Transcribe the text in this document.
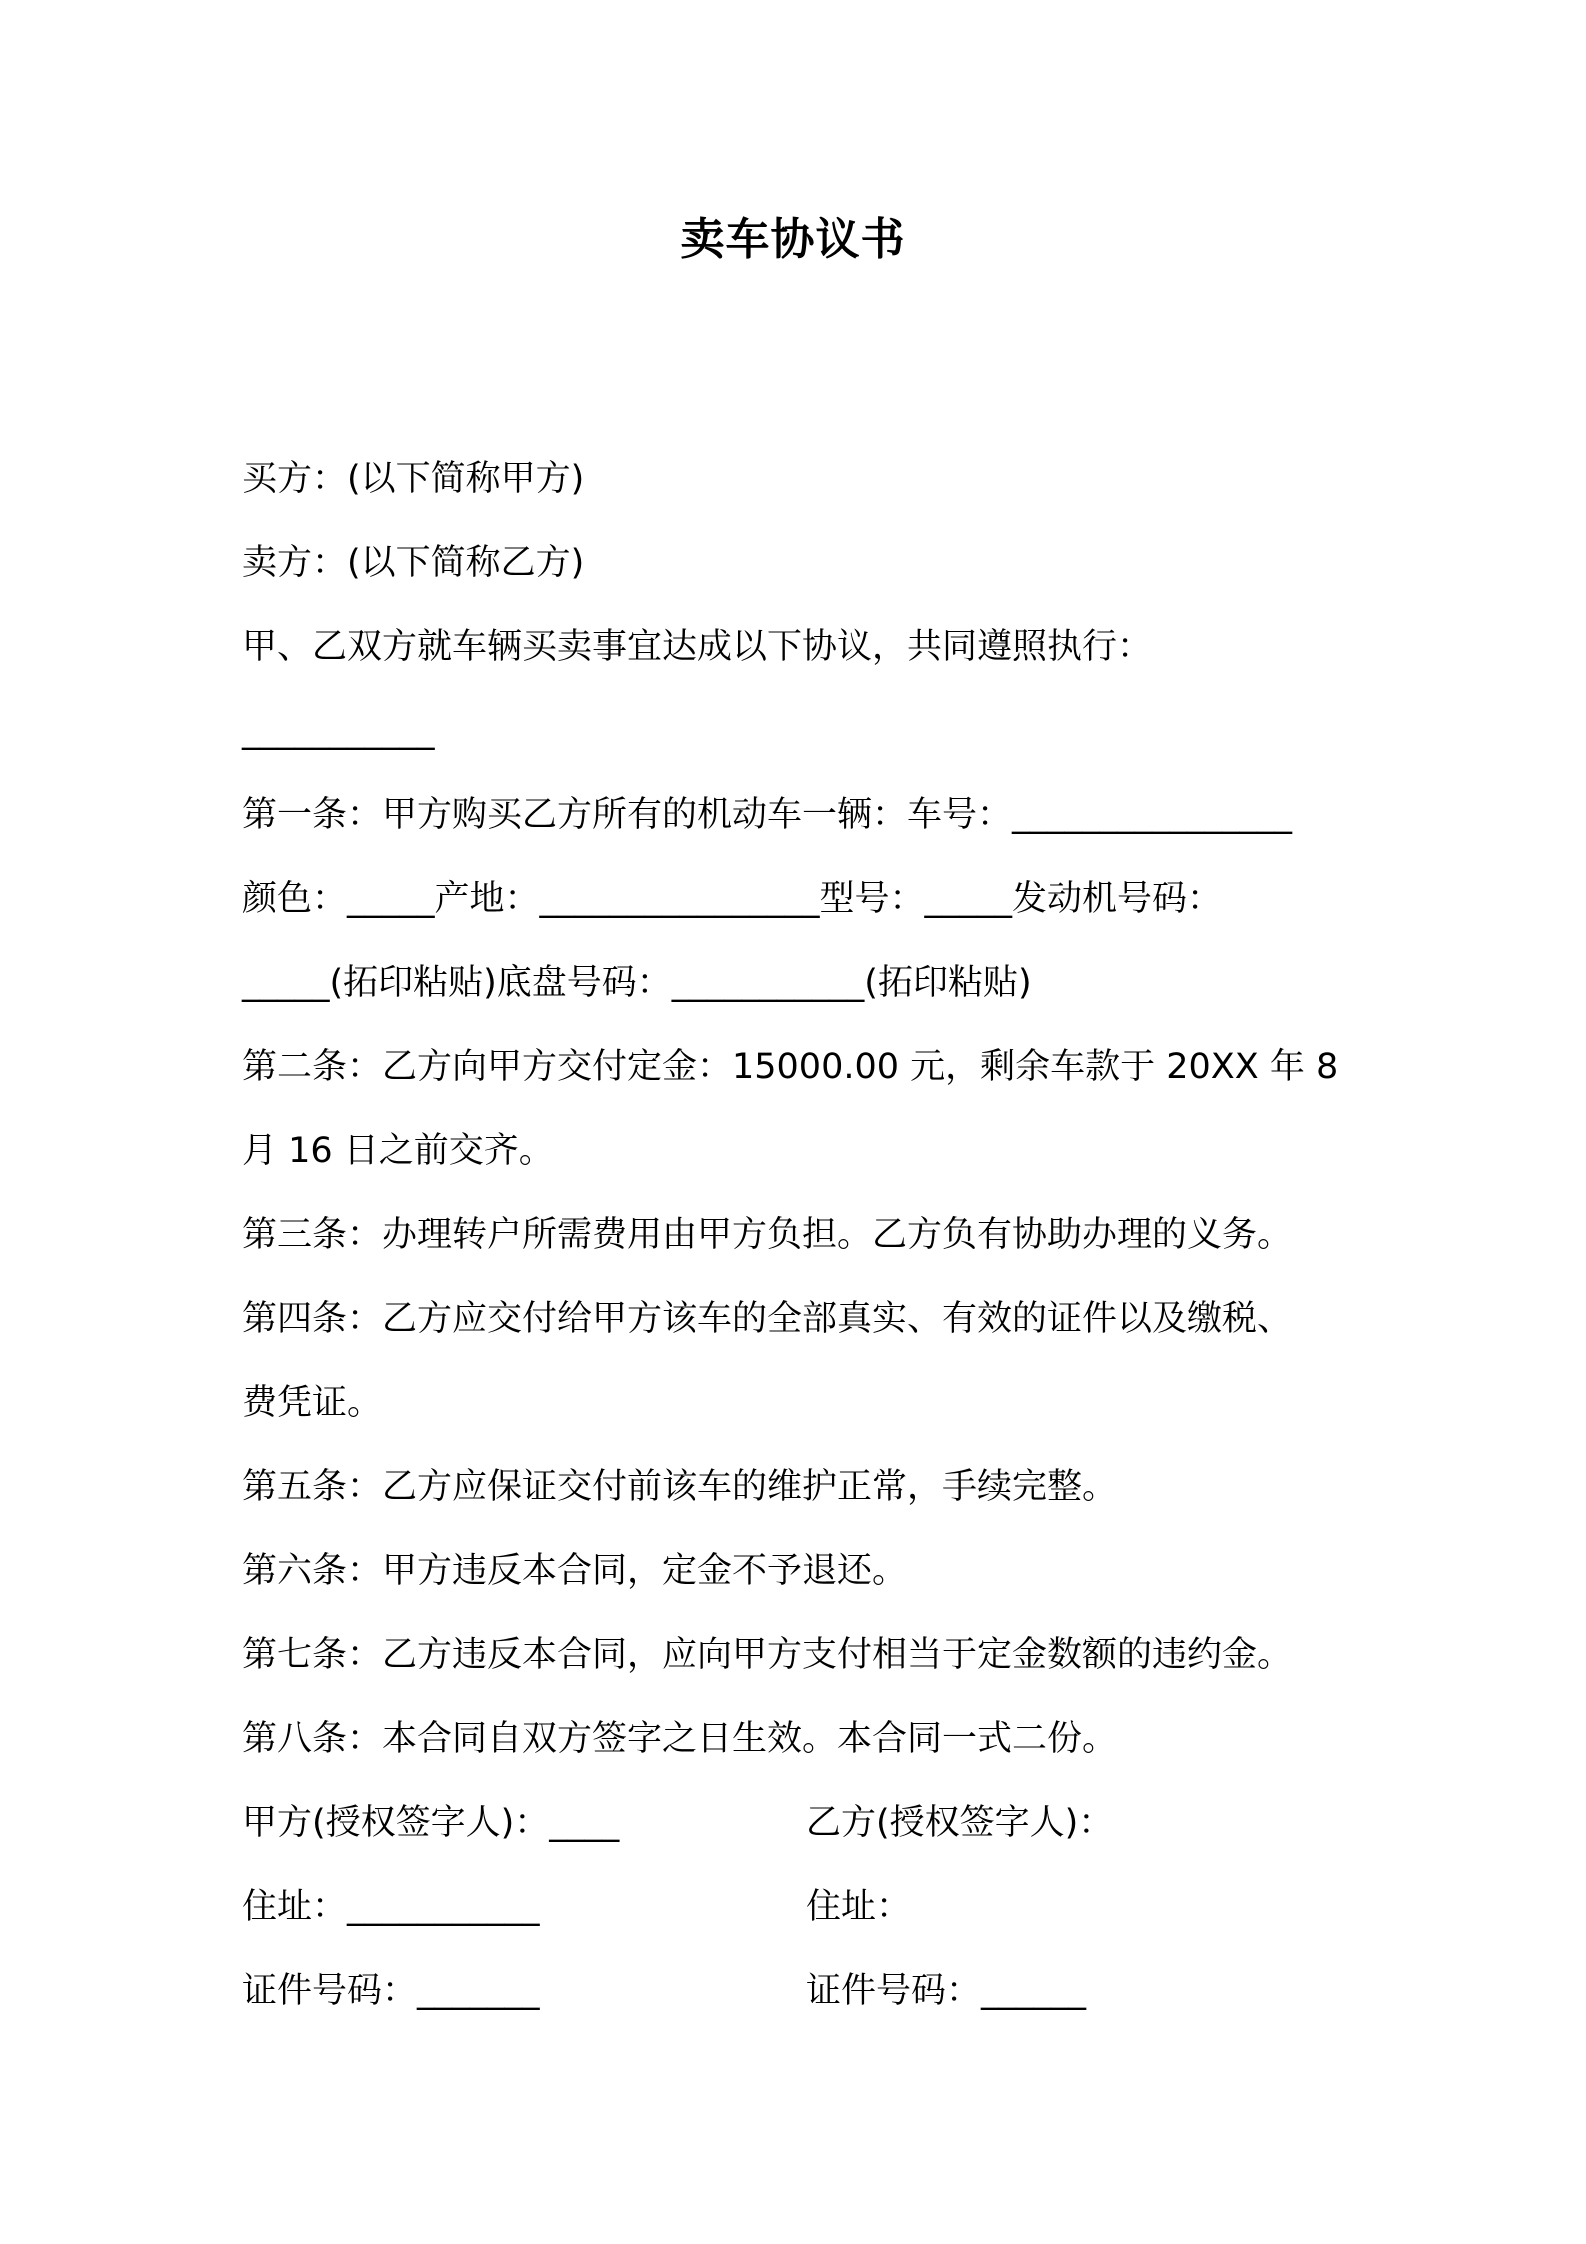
卖车协议书
买方：(以下简称甲方)
卖方：(以下简称乙方)
甲、乙双方就车辆买卖事宜达成以下协议，共同遵照执行：
___________
第一条：甲方购买乙方所有的机动车一辆：车号：________________
颜色：_____产地：________________型号：_____发动机号码：
_____(拓印粘贴)底盘号码：___________(拓印粘贴)
第二条：乙方向甲方交付定金：15000.00 元，剩余车款于 20XX 年 8
月 16 日之前交齐。
第三条：办理转户所需费用由甲方负担。乙方负有协助办理的义务。
第四条：乙方应交付给甲方该车的全部真实、有效的证件以及缴税、
费凭证。
第五条：乙方应保证交付前该车的维护正常，手续完整。
第六条：甲方违反本合同，定金不予退还。
第七条：乙方违反本合同，应向甲方支付相当于定金数额的违约金。
第八条：本合同自双方签字之日生效。本合同一式二份。
甲方(授权签字人)：____	乙方(授权签字人)：
住址：___________	住址：
证件号码：_______	证件号码：______
